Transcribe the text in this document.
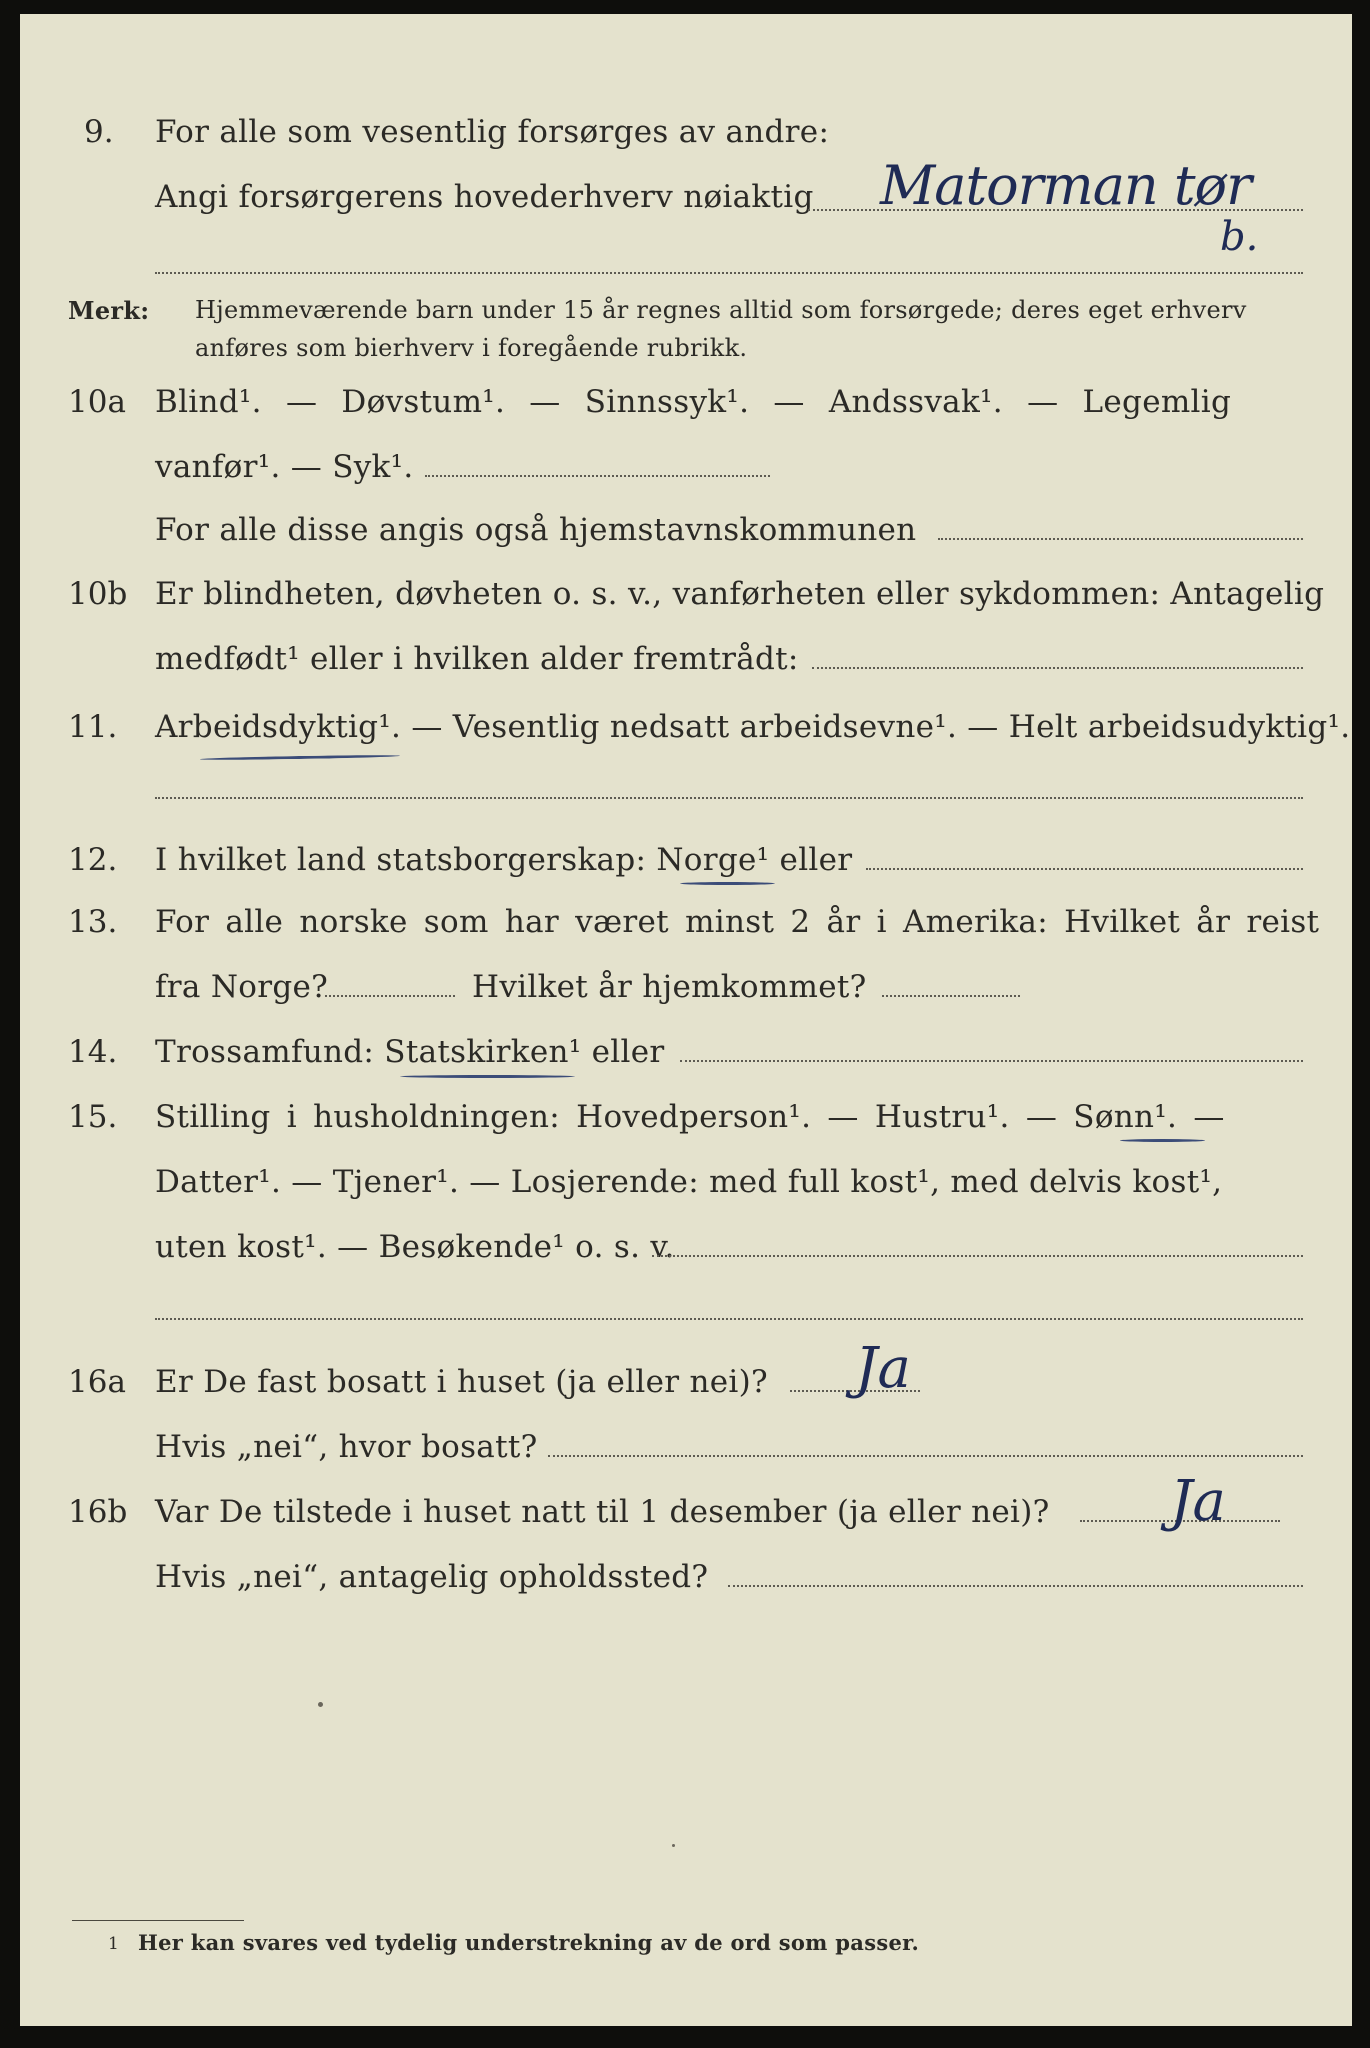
9. For alle som vesentlig forsørges av andre:
Angi forsørgerens hovederhverv nøiaktig Matorman tør
b.
Merk: Hjemmeværende barn under 15 år regnes alltid som forsørgede; deres eget erhverv
anføres som bierhverv i foregående rubrikk.
10a Blind¹. — Døvstum¹. — Sinnssyk¹. — Andssvak¹. — Legemlig
vanfør¹. — Syk¹.
For alle disse angis også hjemstavnskommunen
10b Er blindheten, døvheten o. s. v., vanførheten eller sykdommen: Antagelig
medfødt¹ eller i hvilken alder fremtrådt:
11. Arbeidsdyktig¹. — Vesentlig nedsatt arbeidsevne¹. — Helt arbeidsudyktig¹.
12. I hvilket land statsborgerskap: Norge¹ eller
13. For alle norske som har været minst 2 år i Amerika: Hvilket år reist
fra Norge?	Hvilket år hjemkommet?
14. Trossamfund: Statskirken¹ eller
15. Stilling i husholdningen: Hovedperson¹. — Hustru¹. — Sønn¹. —
Datter¹. — Tjener¹. — Losjerende: med full kost¹, med delvis kost¹,
uten kost¹. — Besøkende¹ o. s. v.
16a Er De fast bosatt i huset (ja eller nei)? Ja
Hvis „nei“, hvor bosatt?
16b Var De tilstede i huset natt til 1 desember (ja eller nei)? Ja
Hvis „nei“, antagelig opholdssted?
1 Her kan svares ved tydelig understrekning av de ord som passer.
